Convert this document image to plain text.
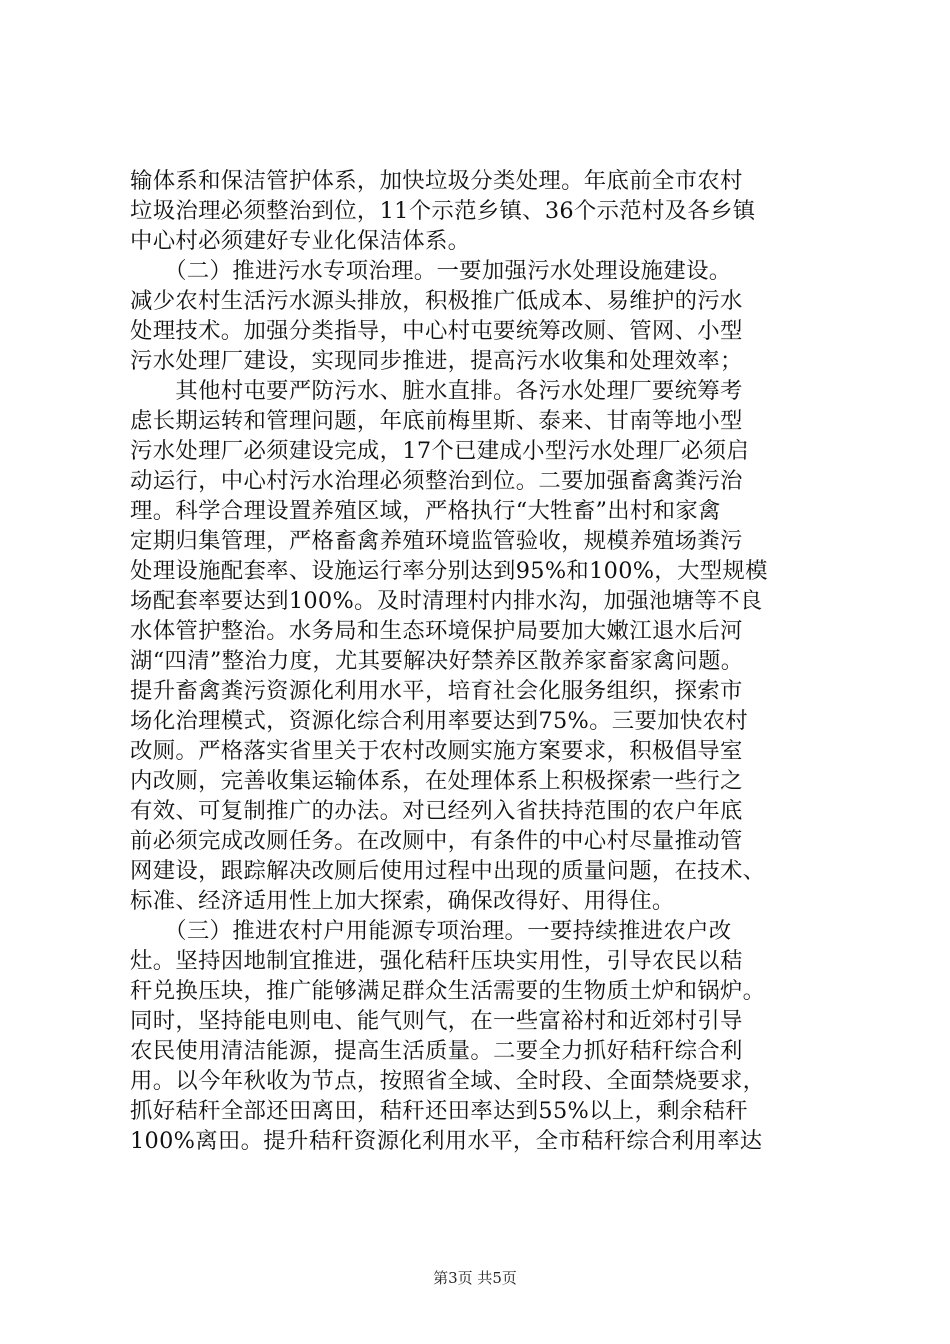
输体系和保洁管护体系，加快垃圾分类处理。年底前全市农村
垃圾治理必须整治到位，11个示范乡镇、36个示范村及各乡镇
中心村必须建好专业化保洁体系。
　　（二）推进污水专项治理。一要加强污水处理设施建设。
减少农村生活污水源头排放，积极推广低成本、易维护的污水
处理技术。加强分类指导，中心村屯要统筹改厕、管网、小型
污水处理厂建设，实现同步推进，提高污水收集和处理效率；
　　其他村屯要严防污水、脏水直排。各污水处理厂要统筹考
虑长期运转和管理问题，年底前梅里斯、泰来、甘南等地小型
污水处理厂必须建设完成，17个已建成小型污水处理厂必须启
动运行，中心村污水治理必须整治到位。二要加强畜禽粪污治
理。科学合理设置养殖区域，严格执行“大牲畜”出村和家禽
定期归集管理，严格畜禽养殖环境监管验收，规模养殖场粪污
处理设施配套率、设施运行率分别达到95%和100%，大型规模
场配套率要达到100%。及时清理村内排水沟，加强池塘等不良
水体管护整治。水务局和生态环境保护局要加大嫩江退水后河
湖“四清”整治力度，尤其要解决好禁养区散养家畜家禽问题。
提升畜禽粪污资源化利用水平，培育社会化服务组织，探索市
场化治理模式，资源化综合利用率要达到75%。三要加快农村
改厕。严格落实省里关于农村改厕实施方案要求，积极倡导室
内改厕，完善收集运输体系，在处理体系上积极探索一些行之
有效、可复制推广的办法。对已经列入省扶持范围的农户年底
前必须完成改厕任务。在改厕中，有条件的中心村尽量推动管
网建设，跟踪解决改厕后使用过程中出现的质量问题，在技术、
标准、经济适用性上加大探索，确保改得好、用得住。
　　（三）推进农村户用能源专项治理。一要持续推进农户改
灶。坚持因地制宜推进，强化秸秆压块实用性，引导农民以秸
秆兑换压块，推广能够满足群众生活需要的生物质土炉和锅炉。
同时，坚持能电则电、能气则气，在一些富裕村和近郊村引导
农民使用清洁能源，提高生活质量。二要全力抓好秸秆综合利
用。以今年秋收为节点，按照省全域、全时段、全面禁烧要求，
抓好秸秆全部还田离田，秸秆还田率达到55%以上，剩余秸秆
100%离田。提升秸秆资源化利用水平，全市秸秆综合利用率达
第3页 共5页
